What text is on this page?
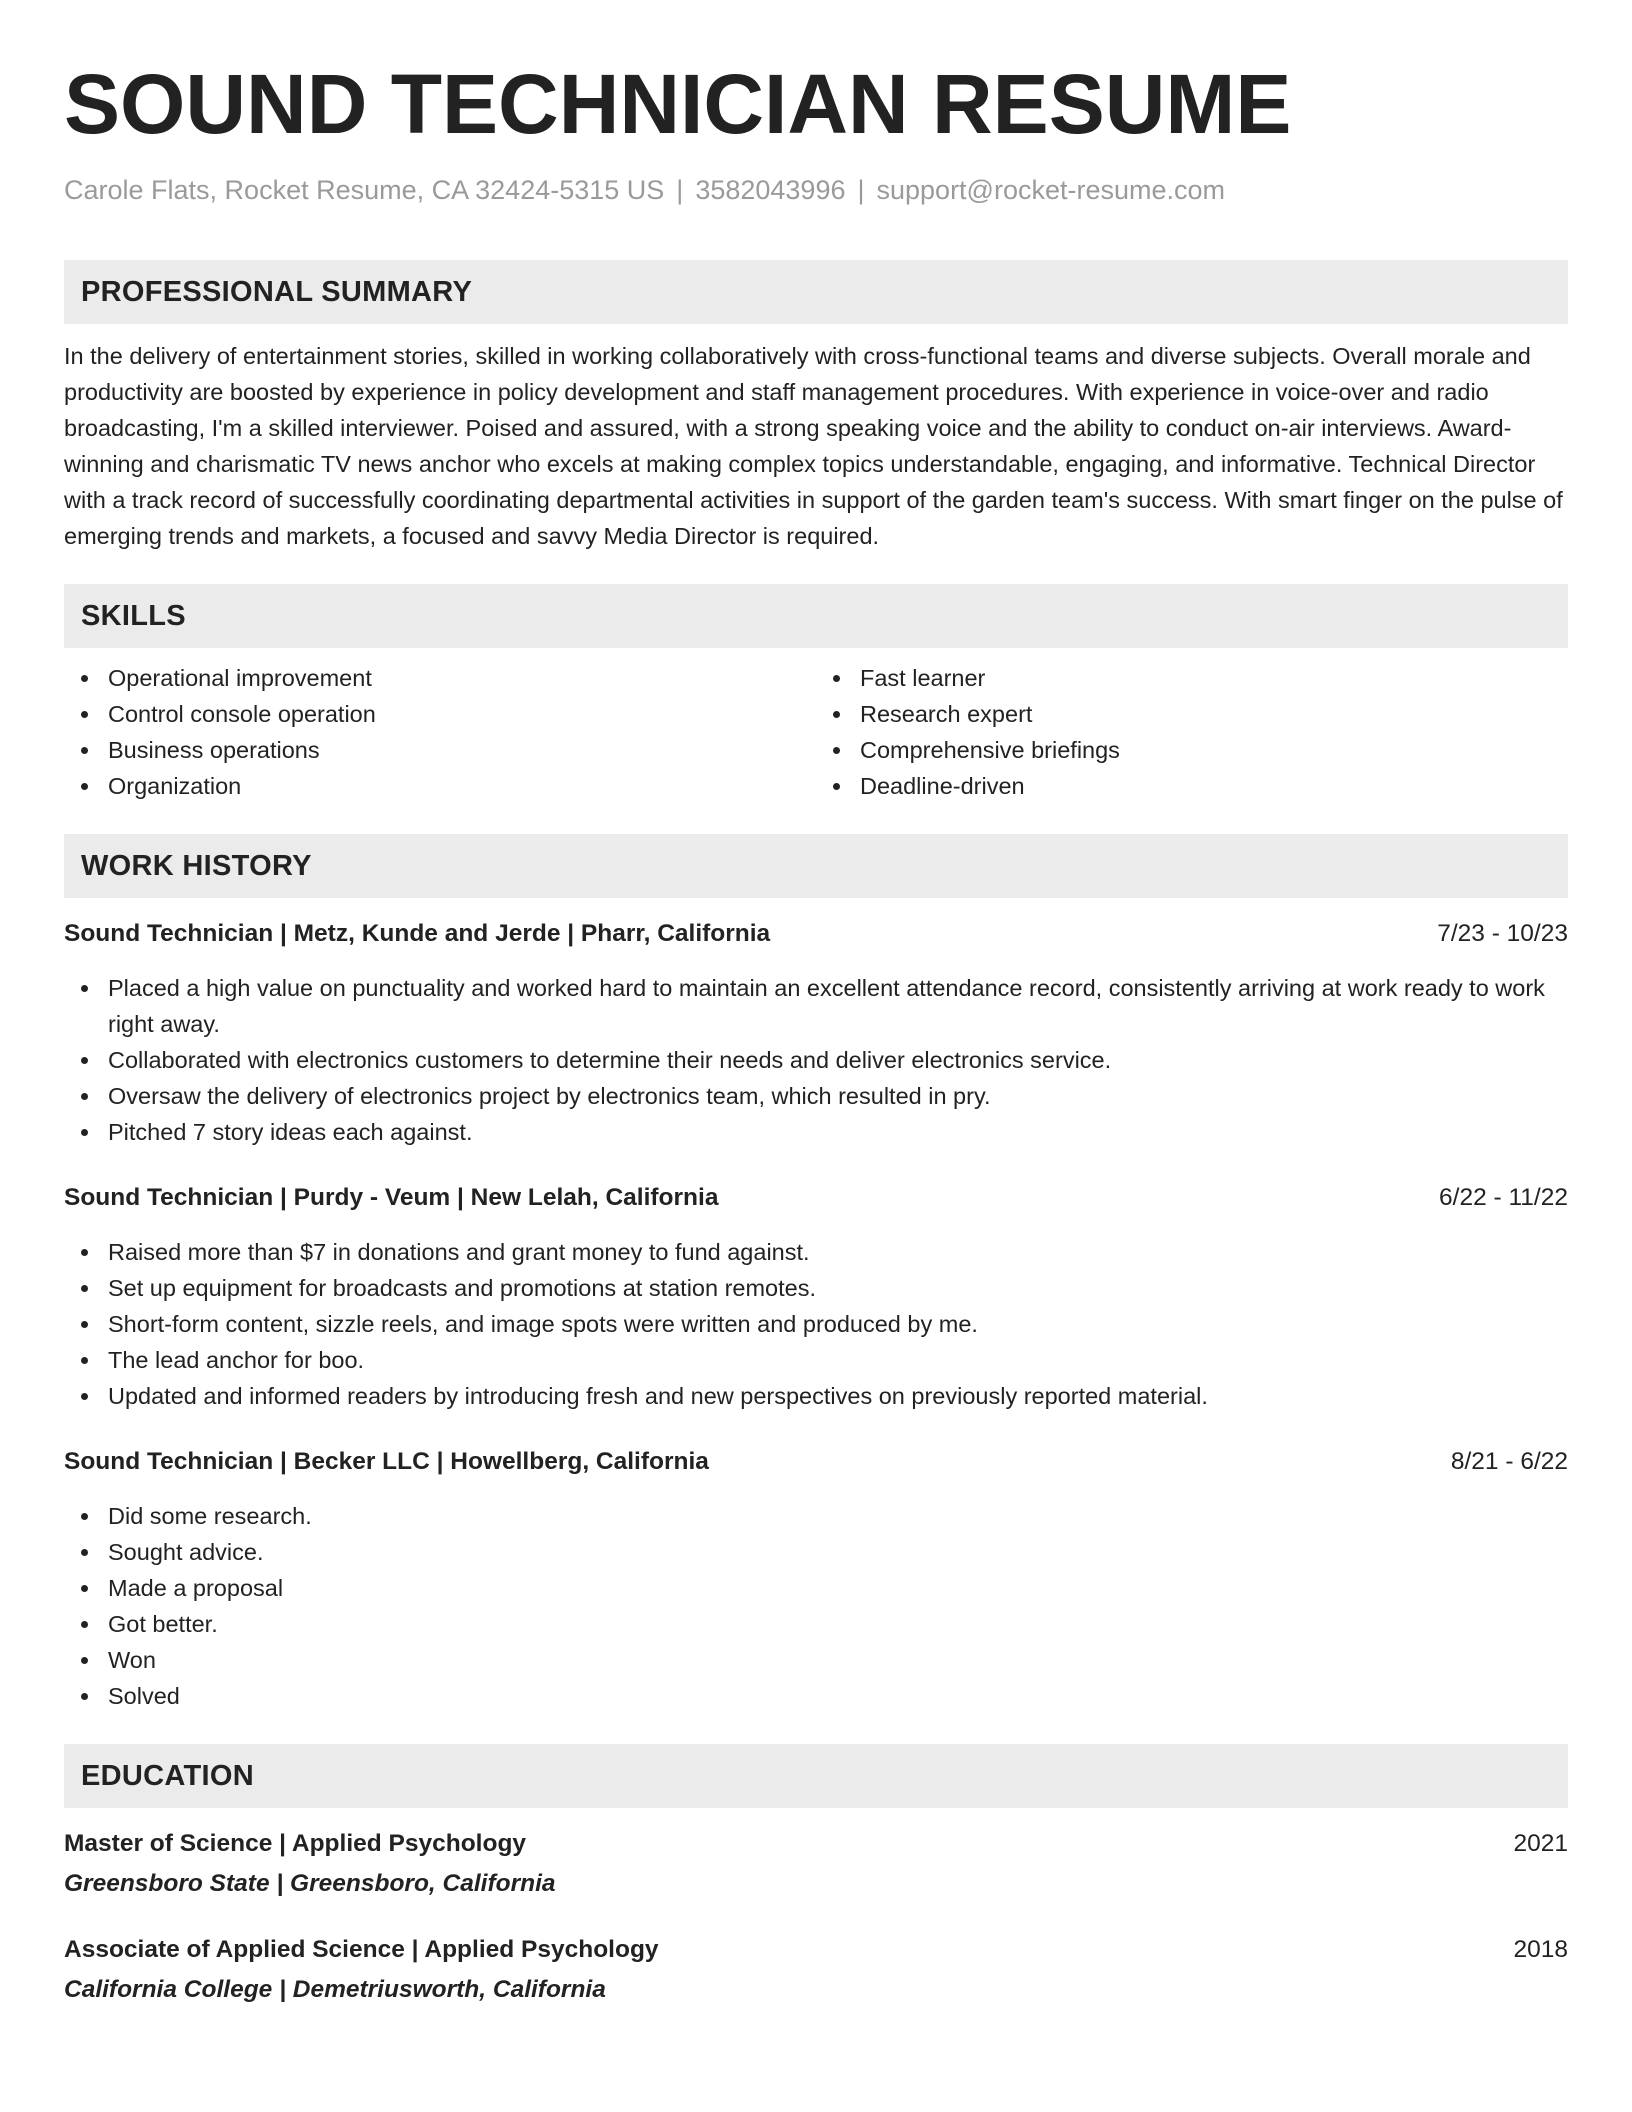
SOUND TECHNICIAN RESUME
Carole Flats, Rocket Resume, CA 32424-5315 US | 3582043996 | support@rocket-resume.com
PROFESSIONAL SUMMARY
In the delivery of entertainment stories, skilled in working collaboratively with cross-functional teams and diverse subjects. Overall morale and productivity are boosted by experience in policy development and staff management procedures. With experience in voice-over and radio broadcasting, I'm a skilled interviewer. Poised and assured, with a strong speaking voice and the ability to conduct on-air interviews. Award-winning and charismatic TV news anchor who excels at making complex topics understandable, engaging, and informative. Technical Director with a track record of successfully coordinating departmental activities in support of the garden team's success. With smart finger on the pulse of emerging trends and markets, a focused and savvy Media Director is required.
SKILLS
Operational improvement
Control console operation
Business operations
Organization
Fast learner
Research expert
Comprehensive briefings
Deadline-driven
WORK HISTORY
Sound Technician | Metz, Kunde and Jerde | Pharr, California	7/23 - 10/23
Placed a high value on punctuality and worked hard to maintain an excellent attendance record, consistently arriving at work ready to work right away.
Collaborated with electronics customers to determine their needs and deliver electronics service.
Oversaw the delivery of electronics project by electronics team, which resulted in pry.
Pitched 7 story ideas each against.
Sound Technician | Purdy - Veum | New Lelah, California	6/22 - 11/22
Raised more than $7 in donations and grant money to fund against.
Set up equipment for broadcasts and promotions at station remotes.
Short-form content, sizzle reels, and image spots were written and produced by me.
The lead anchor for boo.
Updated and informed readers by introducing fresh and new perspectives on previously reported material.
Sound Technician | Becker LLC | Howellberg, California	8/21 - 6/22
Did some research.
Sought advice.
Made a proposal
Got better.
Won
Solved
EDUCATION
Master of Science | Applied Psychology	2021
Greensboro State | Greensboro, California
Associate of Applied Science | Applied Psychology	2018
California College | Demetriusworth, California
